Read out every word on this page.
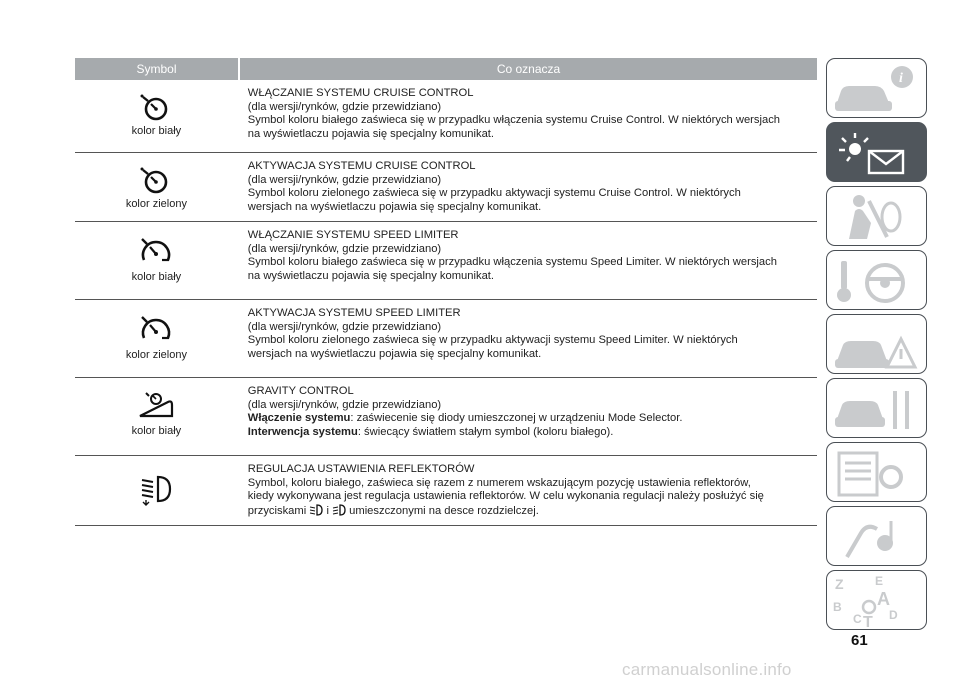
Symbol	Co oznacza
kolor biały
WŁĄCZANIE SYSTEMU CRUISE CONTROL
(dla wersji/rynków, gdzie przewidziano)
Symbol koloru białego zaświeca się w przypadku włączenia systemu Cruise Control. W niektórych wersjach
na wyświetlaczu pojawia się specjalny komunikat.
kolor zielony
AKTYWACJA SYSTEMU CRUISE CONTROL
(dla wersji/rynków, gdzie przewidziano)
Symbol koloru zielonego zaświeca się w przypadku aktywacji systemu Cruise Control. W niektórych
wersjach na wyświetlaczu pojawia się specjalny komunikat.
kolor biały
WŁĄCZANIE SYSTEMU SPEED LIMITER
(dla wersji/rynków, gdzie przewidziano)
Symbol koloru białego zaświeca się w przypadku włączenia systemu Speed Limiter. W niektórych wersjach
na wyświetlaczu pojawia się specjalny komunikat.
kolor zielony
AKTYWACJA SYSTEMU SPEED LIMITER
(dla wersji/rynków, gdzie przewidziano)
Symbol koloru zielonego zaświeca się w przypadku aktywacji systemu Speed Limiter. W niektórych
wersjach na wyświetlaczu pojawia się specjalny komunikat.
kolor biały
GRAVITY CONTROL
(dla wersji/rynków, gdzie przewidziano)
Włączenie systemu: zaświecenie się diody umieszczonej w urządzeniu Mode Selector.
Interwencja systemu: świecący światłem stałym symbol (koloru białego).
REGULACJA USTAWIENIA REFLEKTORÓW
Symbol, koloru białego, zaświeca się razem z numerem wskazującym pozycję ustawienia reflektorów,
kiedy wykonywana jest regulacja ustawienia reflektorów. W celu wykonania regulacji należy posłużyć się
przyciskami i umieszczonymi na desce rozdzielczej.
i
Z	E
A
B
C T D
61
carmanualsonline.info
